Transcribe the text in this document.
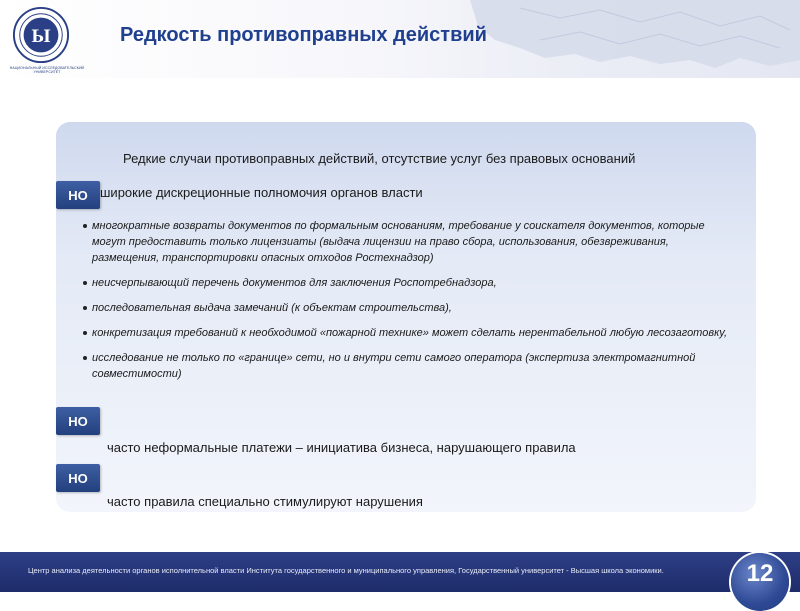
Ы
НАЦИОНАЛЬНЫЙ ИССЛЕДОВАТЕЛЬСКИЙ УНИВЕРСИТЕТ
Редкость противоправных действий
Редкие случаи противоправных действий, отсутствие услуг без правовых оснований
НО широкие дискреционные полномочия органов власти
многократные возвраты документов по формальным основаниям, требование у соискателя документов, которые могут предоставить только лицензиаты (выдача лицензии на право сбора, использования, обезвреживания, размещения, транспортировки опасных отходов Ростехнадзор)
неисчерпывающий перечень документов для заключения Роспотребнадзора,
последовательная выдача замечаний (к объектам строительства),
конкретизация требований к необходимой «пожарной технике» может сделать нерентабельной любую лесозаготовку,
исследование не только по «границе» сети, но и внутри сети самого оператора (экспертиза электромагнитной совместимости)
НО
часто неформальные платежи – инициатива бизнеса, нарушающего правила
НО
часто правила специально стимулируют нарушения
Центр анализа деятельности органов исполнительной власти Института государственного и муниципального управления, Государственный университет - Высшая школа экономики.	12
